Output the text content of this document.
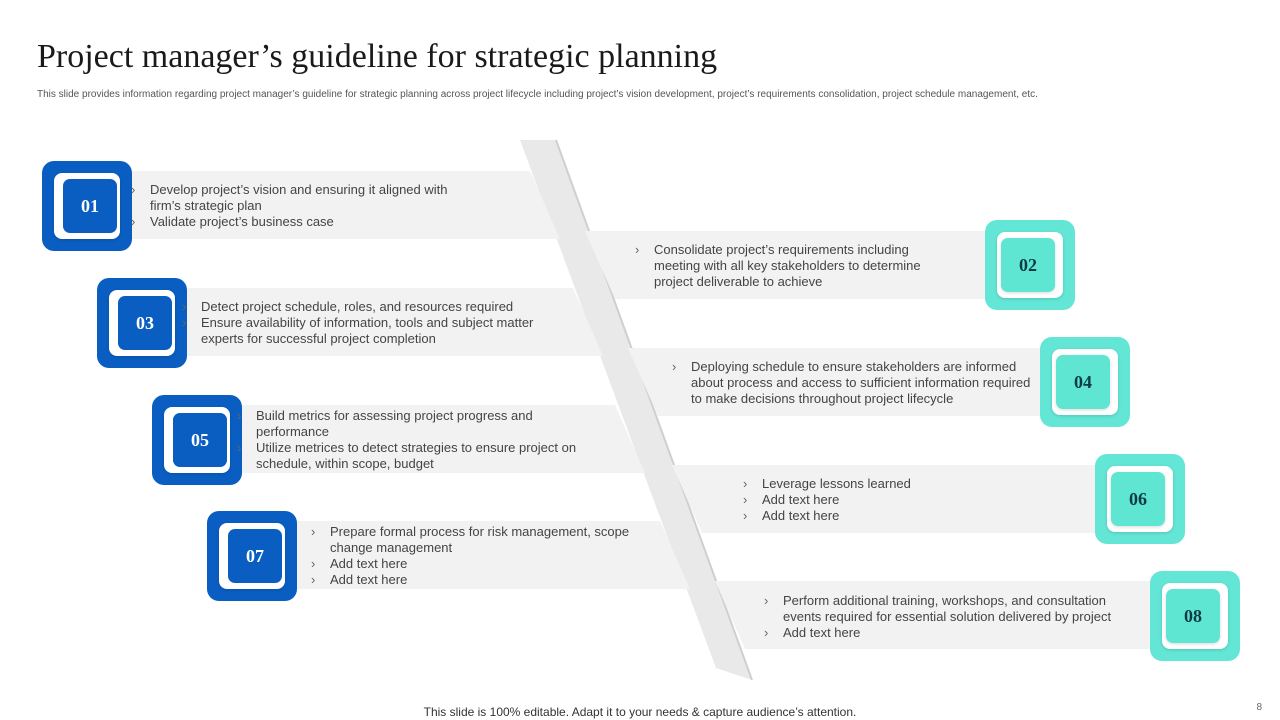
Project manager’s guideline for strategic planning
This slide provides information regarding project manager’s guideline for strategic planning across project lifecycle including project’s vision development, project’s requirements consolidation, project schedule management, etc.
01
› Develop project’s vision and ensuring it aligned with firm’s strategic plan
› Validate project’s business case
03
› Detect project schedule, roles, and resources required
› Ensure availability of information, tools and subject matter experts for successful project completion
05
› Build metrics for assessing project progress and performance
› Utilize metrices to detect strategies to ensure project on schedule, within scope, budget
07
› Prepare formal process for risk management, scope change management
› Add text here
› Add text here
02
› Consolidate project’s requirements including meeting with all key stakeholders to determine project deliverable to achieve
04
› Deploying schedule to ensure stakeholders are informed about process and access to sufficient information required to make decisions throughout project lifecycle
06
› Leverage lessons learned
› Add text here
› Add text here
08
› Perform additional training, workshops, and consultation events required for essential solution delivered by project
› Add text here
This slide is 100% editable. Adapt it to your needs & capture audience’s attention.	8
